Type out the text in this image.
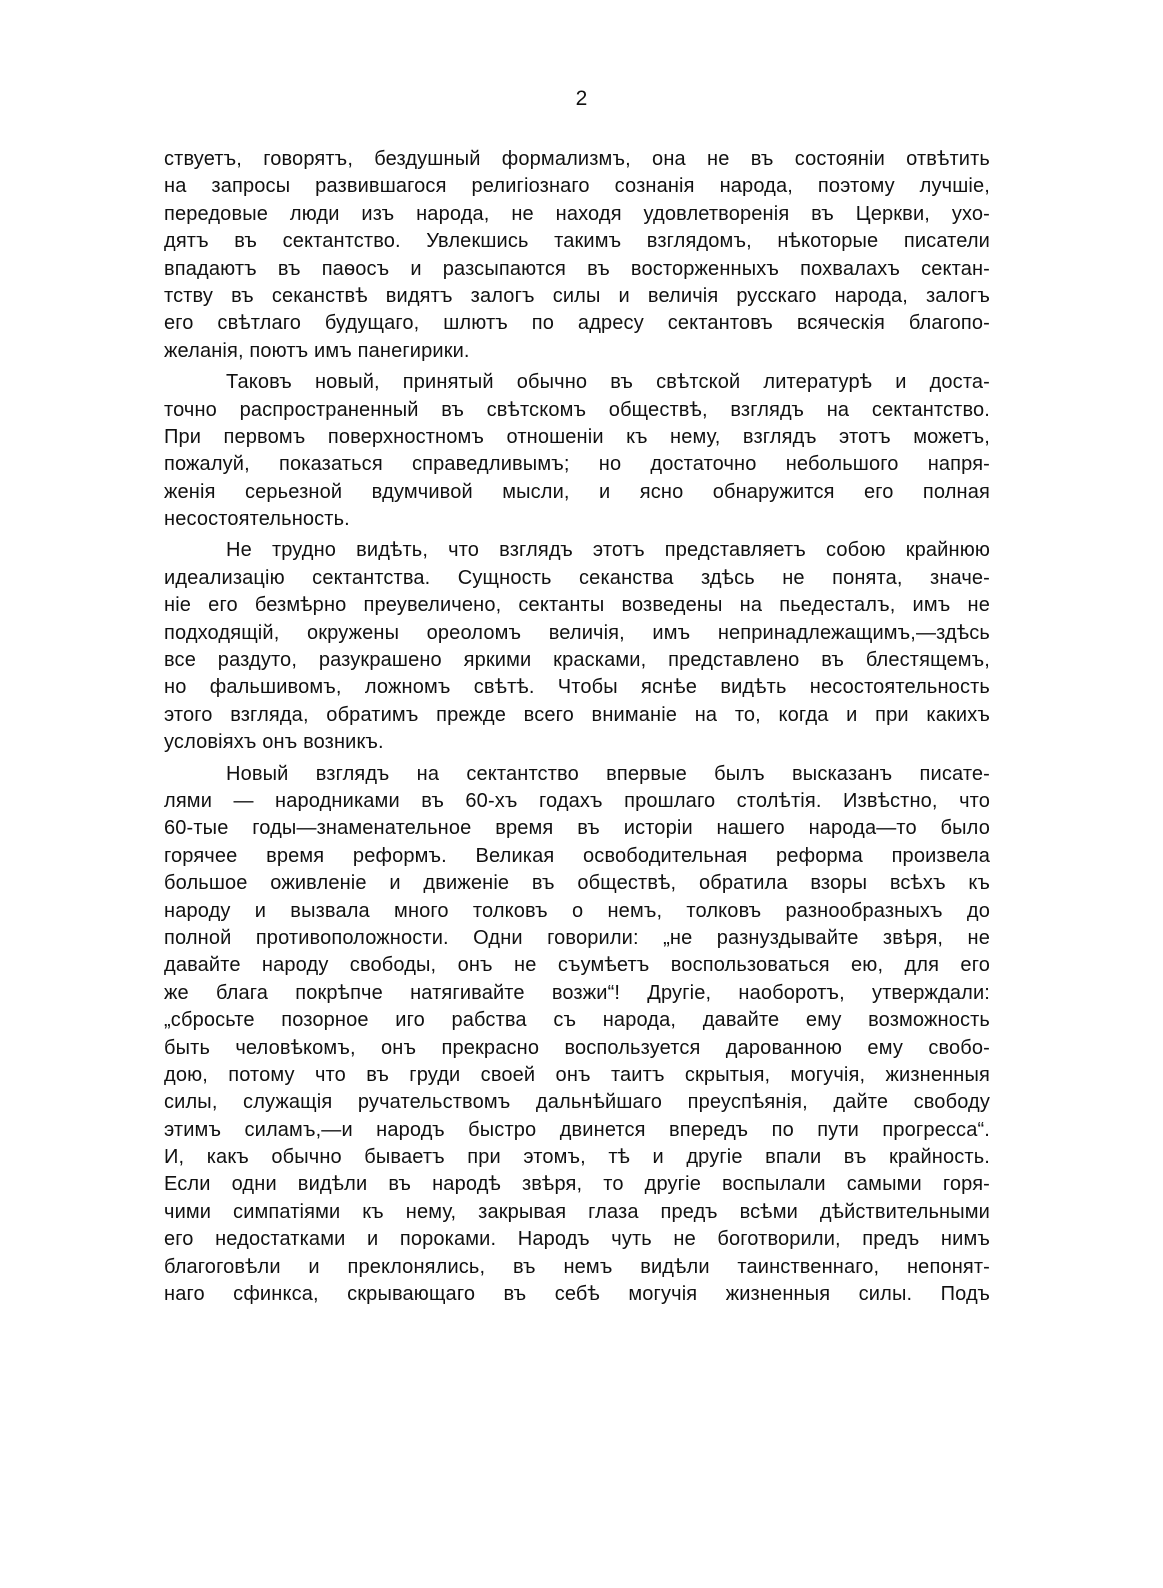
2
ствуетъ, говорятъ, бездушный формализмъ, она не въ состояніи отвѣтить
на запросы развившагося религіознаго сознанія народа, поэтому лучшіе,
передовые люди изъ народа, не находя удовлетворенія въ Церкви, ухо-
дятъ въ сектантство. Увлекшись такимъ взглядомъ, нѣкоторые писатели
впадаютъ въ паѳосъ и разсыпаются въ восторженныхъ похвалахъ сектан-
тству въ секанствѣ видятъ залогъ силы и величія русскаго народа, залогъ
его свѣтлаго будущаго, шлютъ по адресу сектантовъ всяческія благопо-
желанія, поютъ имъ панегирики.
Таковъ новый, принятый обычно въ свѣтской литературѣ и доста-
точно распространенный въ свѣтскомъ обществѣ, взглядъ на сектантство.
При первомъ поверхностномъ отношеніи къ нему, взглядъ этотъ можетъ,
пожалуй, показаться справедливымъ; но достаточно небольшого напря-
женія серьезной вдумчивой мысли, и ясно обнаружится его полная
несостоятельность.
Не трудно видѣть, что взглядъ этотъ представляетъ собою крайнюю
идеализацію сектантства. Сущность секанства здѣсь не понята, значе-
ніе его безмѣрно преувеличено, сектанты возведены на пьедесталъ, имъ не
подходящій, окружены ореоломъ величія, имъ непринадлежащимъ,—здѣсь
все раздуто, разукрашено яркими красками, представлено въ блестящемъ,
но фальшивомъ, ложномъ свѣтѣ. Чтобы яснѣе видѣть несостоятельность
этого взгляда, обратимъ прежде всего вниманіе на то, когда и при какихъ
условіяхъ онъ возникъ.
Новый взглядъ на сектантство впервые былъ высказанъ писате-
лями — народниками въ 60-хъ годахъ прошлаго столѣтія. Извѣстно, что
60-тые годы—знаменательное время въ исторіи нашего народа—то было
горячее время реформъ. Великая освободительная реформа произвела
большое оживленіе и движеніе въ обществѣ, обратила взоры всѣхъ къ
народу и вызвала много толковъ о немъ, толковъ разнообразныхъ до
полной противоположности. Одни говорили: „не разнуздывайте звѣря, не
давайте народу свободы, онъ не съумѣетъ воспользоваться ею, для его
же блага покрѣпче натягивайте возжи“! Другіе, наоборотъ, утверждали:
„сбросьте позорное иго рабства съ народа, давайте ему возможность
быть человѣкомъ, онъ прекрасно воспользуется дарованною ему свобо-
дою, потому что въ груди своей онъ таитъ скрытыя, могучія, жизненныя
силы, служащія ручательствомъ дальнѣйшаго преуспѣянія, дайте свободу
этимъ силамъ,—и народъ быстро двинется впередъ по пути прогресса“.
И, какъ обычно бываетъ при этомъ, тѣ и другіе впали въ крайность.
Если одни видѣли въ народѣ звѣря, то другіе воспылали самыми горя-
чими симпатіями къ нему, закрывая глаза предъ всѣми дѣйствительными
его недостатками и пороками. Народъ чуть не боготворили, предъ нимъ
благоговѣли и преклонялись, въ немъ видѣли таинственнаго, непонят-
наго сфинкса, скрывающаго въ себѣ могучія жизненныя силы. Подъ
